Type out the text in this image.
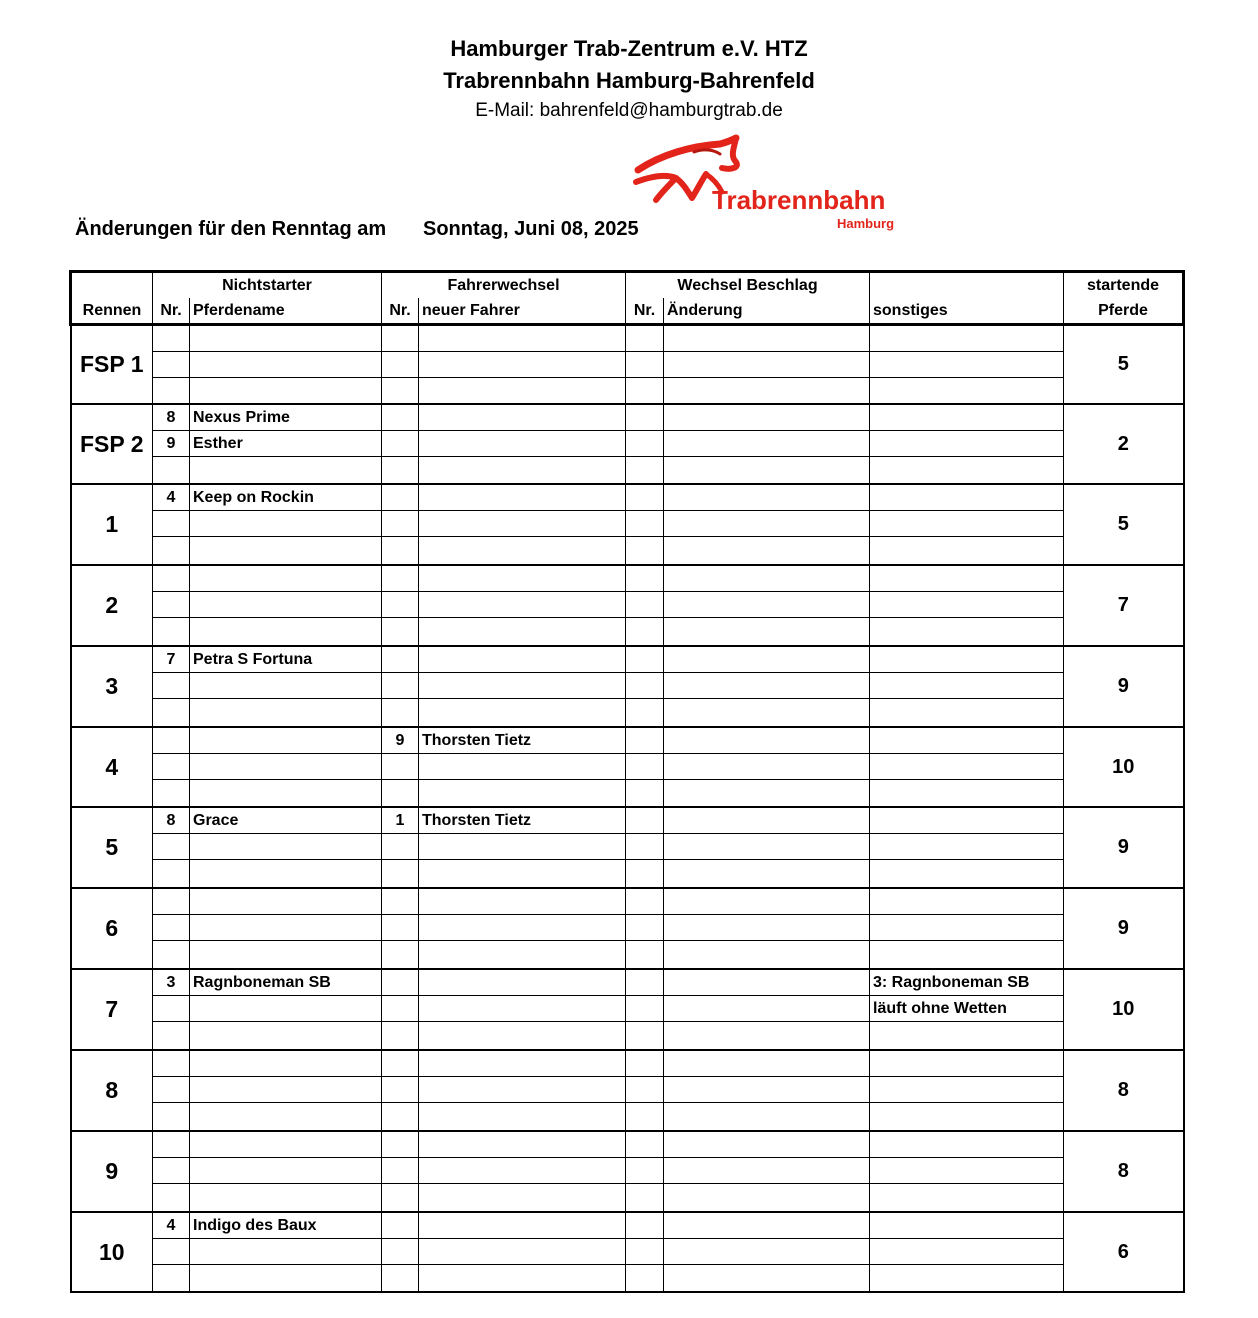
Hamburger Trab-Zentrum e.V. HTZ
Trabrennbahn Hamburg-Bahrenfeld
E-Mail: bahrenfeld@hamburgtrab.de
Trabrennbahn
Hamburg
Änderungen für den Renntag am Sonntag, Juni 08, 2025
	Nichtstarter		Fahrerwechsel		Wechsel Beschlag			startende
Rennen	Nr.	Pferdename	Nr.	neuer Fahrer	Nr.	Änderung	sonstiges	Pferde
FSP 1								5

FSP 2	8	Nexus Prime						2
	9	Esther						

1	4	Keep on Rockin						5

2								7

3	7	Petra S Fortuna						9

4			9	Thorsten Tietz				10

5	8	Grace	1	Thorsten Tietz				9

6								9

7	3	Ragnboneman SB					3: Ragnboneman SB	10
							läuft ohne Wetten	

8								8

9								8

10	4	Indigo des Baux						6
